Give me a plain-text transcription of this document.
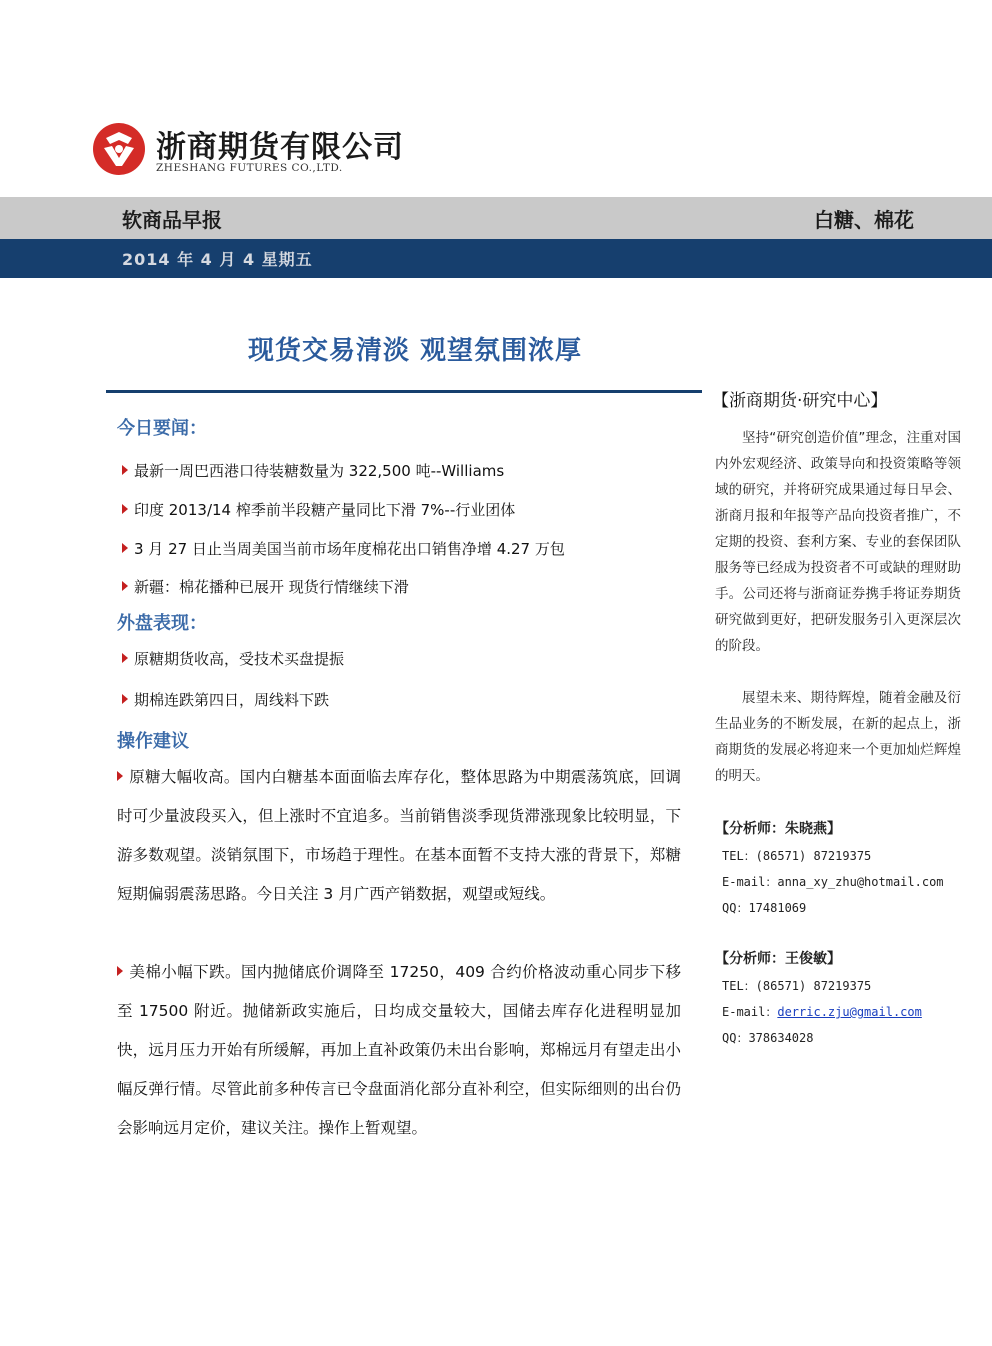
浙商期货有限公司
ZHESHANG FUTURES CO.,LTD.
软商品早报	白糖、棉花
2014 年 4 月 4 星期五
现货交易清淡 观望氛围浓厚
今日要闻：
最新一周巴西港口待装糖数量为 322,500 吨--Williams
印度 2013/14 榨季前半段糖产量同比下滑 7%--行业团体
3 月 27 日止当周美国当前市场年度棉花出口销售净增 4.27 万包
新疆：棉花播种已展开 现货行情继续下滑
外盘表现：
原糖期货收高，受技术买盘提振
期棉连跌第四日，周线料下跌
操作建议
原糖大幅收高。国内白糖基本面面临去库存化，整体思路为中期震荡筑底，回调时可少量波段买入，但上涨时不宜追多。当前销售淡季现货滞涨现象比较明显，下游多数观望。淡销氛围下，市场趋于理性。在基本面暂不支持大涨的背景下，郑糖短期偏弱震荡思路。今日关注 3 月广西产销数据，观望或短线。
美棉小幅下跌。国内抛储底价调降至 17250，409 合约价格波动重心同步下移至 17500 附近。抛储新政实施后，日均成交量较大，国储去库存化进程明显加快，远月压力开始有所缓解，再加上直补政策仍未出台影响，郑棉远月有望走出小幅反弹行情。尽管此前多种传言已令盘面消化部分直补利空，但实际细则的出台仍会影响远月定价，建议关注。操作上暂观望。
【浙商期货·研究中心】
坚持“研究创造价值”理念，注重对国内外宏观经济、政策导向和投资策略等领域的研究，并将研究成果通过每日早会、浙商月报和年报等产品向投资者推广，不定期的投资、套利方案、专业的套保团队服务等已经成为投资者不可或缺的理财助手。公司还将与浙商证券携手将证券期货研究做到更好，把研发服务引入更深层次的阶段。
展望未来、期待辉煌，随着金融及衍生品业务的不断发展，在新的起点上，浙商期货的发展必将迎来一个更加灿烂辉煌的明天。
【分析师：朱晓燕】
TEL：(86571) 87219375
E-mail：anna_xy_zhu@hotmail.com
QQ：17481069
【分析师：王俊敏】
TEL：(86571) 87219375
E-mail：derric.zju@gmail.com
QQ：378634028
